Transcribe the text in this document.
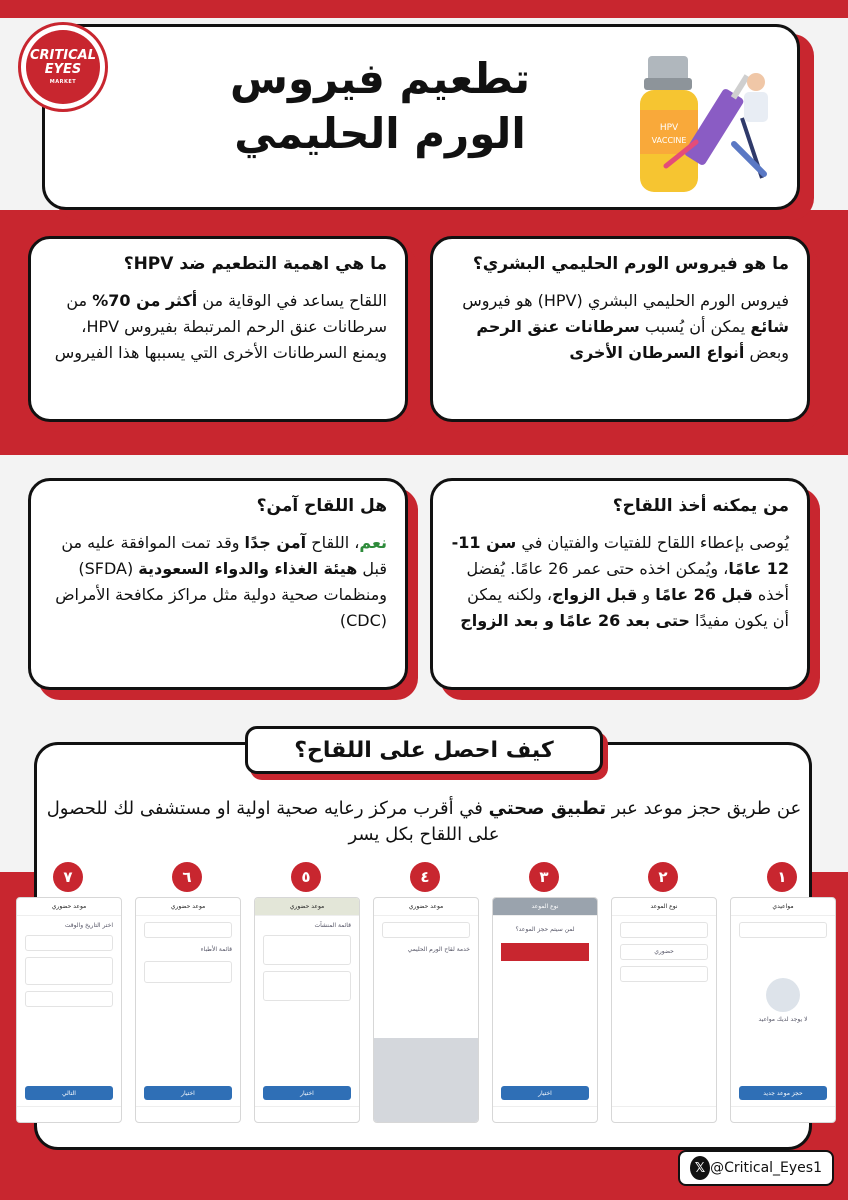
CRITICAL
EYES
MARKET	تطعيم فيروس
الورم الحليمي	HPV
VACCINE
ما هو فيروس الورم الحليمي البشري؟
فيروس الورم الحليمي البشري (HPV) هو فيروس شائع يمكن أن يُسبب سرطانات عنق الرحم وبعض أنواع السرطان الأخرى
ما هي اهمية التطعيم ضد HPV؟
اللقاح يساعد في الوقاية من أكثر من 70% من سرطانات عنق الرحم المرتبطة بفيروس HPV، ويمنع السرطانات الأخرى التي يسببها هذا الفيروس
من يمكنه أخذ اللقاح؟
يُوصى بإعطاء اللقاح للفتيات والفتيان في سن 11-12 عامًا، ويُمكن اخذه حتى عمر 26 عامًا. يُفضل أخذه قبل 26 عامًا و قبل الزواج، ولكنه يمكن أن يكون مفيدًا حتى بعد 26 عامًا و بعد الزواج
هل اللقاح آمن؟
نعم، اللقاح آمن جدًا وقد تمت الموافقة عليه من قبل هيئة الغذاء والدواء السعودية (SFDA) ومنظمات صحية دولية مثل مراكز مكافحة الأمراض (CDC)
كيف احصل على اللقاح؟
عن طريق حجز موعد عبر تطبيق صحتي في أقرب مركز رعايه صحية اولية او مستشفى لك للحصول على اللقاح بكل يسر
١
مواعيدي
لا يوجد لديك مواعيد
حجز موعد جديد
٢
نوع الموعد
حضوري
٣
نوع الموعد
لمن سيتم حجز الموعد؟
اختيار
٤
موعد حضوري
خدمة لقاح الورم الحليمي
٥
موعد حضوري
قائمة المنشآت
اختيار
٦
موعد حضوري
قائمة الأطباء
اختيار
٧
موعد حضوري
اختر التاريخ والوقت
التالي
𝕏 @Critical_Eyes1
